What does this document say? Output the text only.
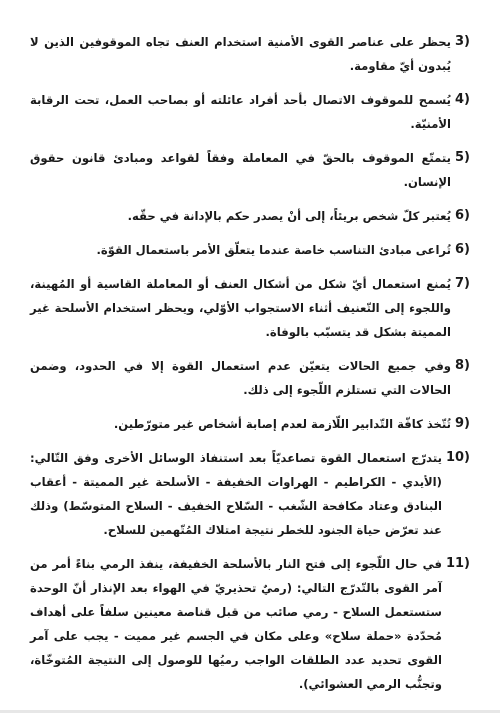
3)
يحظر على عناصر القوى الأمنية استخدام العنف تجاه الموقوفين الذين لا يُبدون أيّ مقاومة.
4)
يُسمح للموقوف الاتصال بأحد أفراد عائلته أو بصاحب العمل، تحت الرقابة الأمنيّة.
5)
يتمتّع الموقوف بالحقّ في المعاملة وفقاً لقواعد ومبادئ قانون حقوق الإنسان.
6)
يُعتبر كلّ شخص بريئاً، إلى أنْ يصدر حكم بالإدانة في حقّه.
6)
تُراعى مبادئ التناسب خاصة عندما يتعلّق الأمر باستعمال القوّة.
7)
يُمنع استعمال أيّ شكل من أشكال العنف أو المعاملة القاسية أو المُهينة، واللجوء إلى التّعنيف أثناء الاستجواب الأوّلي، ويحظر استخدام الأسلحة غير المميتة بشكل قد يتسبّب بالوفاة.
8)
وفي جميع الحالات يتعيّن عدم استعمال القوة إلا في الحدود، وضمن الحالات التي تستلزم اللّجوء إلى ذلك.
9)
تُتّخذ كافّة التّدابير اللّازمة لعدم إصابة أشخاص غير متورّطين.
10)
يتدرّج استعمال القوة تصاعديّاً بعد استنفاذ الوسائل الأخرى وفق التّالي: (الأيدي - الكراطيم - الهراوات الخفيفة - الأسلحة غير المميتة - أعقاب البنادق وعتاد مكافحة الشّغب - السّلاح الخفيف - السلاح المتوسّط) وذلك عند تعرّض حياة الجنود للخطر نتيجة امتلاك المُتّهمين للسلاح.
11)
في حال اللّجوء إلى فتح النار بالأسلحة الخفيفة، ينفذ الرمي بناءً أمر من آمر القوى بالتّدرّج التالي: (رميٌ تحذيريّ في الهواء بعد الإنذار أنّ الوحدة ستستعمل السلاح - رمي صائب من قبل قناصة معينين سلفاً على أهداف مُحدّدة «حملة سلاح» وعلى مكان في الجسم غير مميت - يجب على آمر القوى تحديد عدد الطلقات الواجب رميُها للوصول إلى النتيجة المُتوخّاة، وتجنُّب الرمي العشوائي).
